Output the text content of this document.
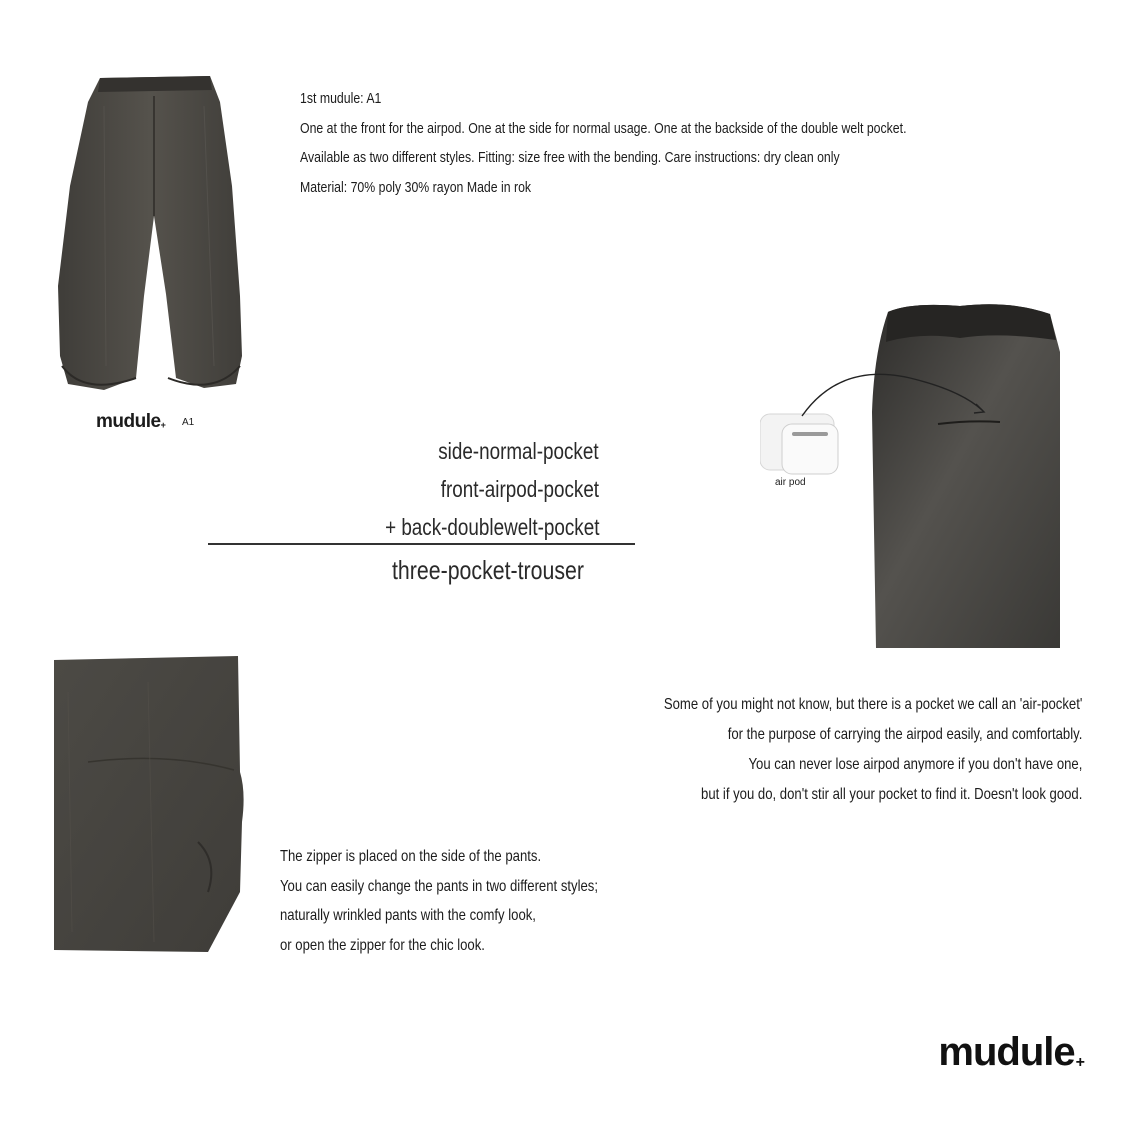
mudule+ A1
1st mudule: A1
One at the front for the airpod. One at the side for normal usage. One at the backside of the double welt pocket.
Available as two different styles. Fitting: size free with the bending. Care instructions: dry clean only
Material: 70% poly 30% rayon Made in rok
side-normal-pocket
front-airpod-pocket
+ back-doublewelt-pocket
three-pocket-trouser
air pod
Some of you might not know, but there is a pocket we call an 'air-pocket'
for the purpose of carrying the airpod easily, and comfortably.
You can never lose airpod anymore if you don't have one,
but if you do, don't stir all your pocket to find it. Doesn't look good.
The zipper is placed on the side of the pants.
You can easily change the pants in two different styles;
naturally wrinkled pants with the comfy look,
or open the zipper for the chic look.
mudule+
